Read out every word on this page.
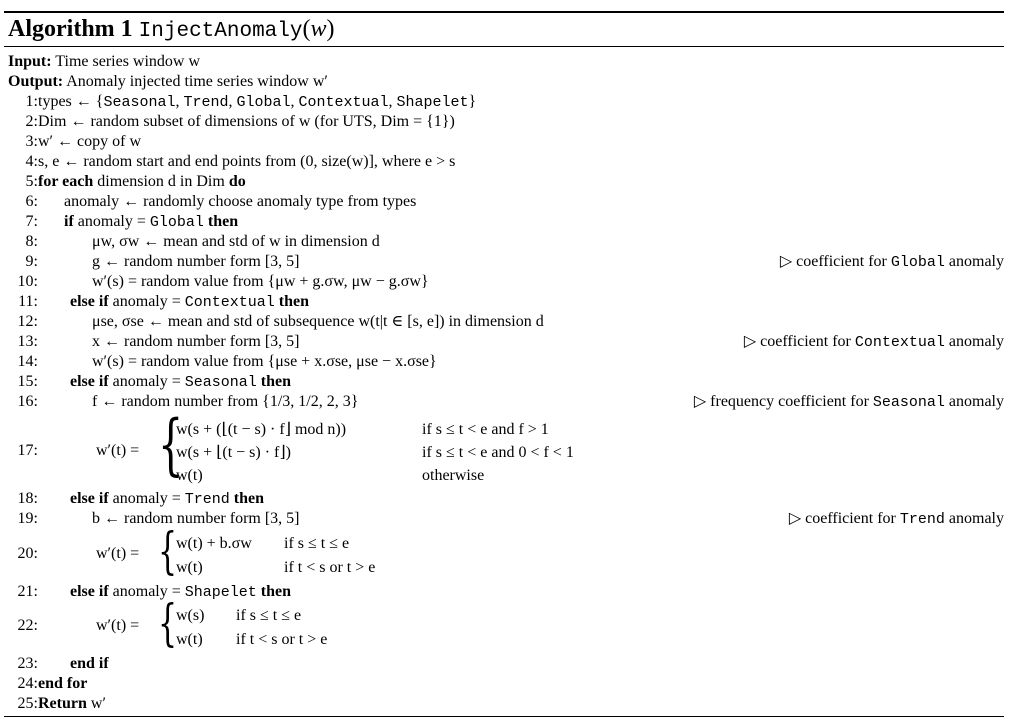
Algorithm 1 InjectAnomaly(w)
Input: Time series window w
Output: Anomaly injected time series window w′
1: types ← {Seasonal, Trend, Global, Contextual, Shapelet}
2: Dim ← random subset of dimensions of w (for UTS, Dim = {1})
3: w′ ← copy of w
4: s, e ← random start and end points from (0, size(w)], where e > s
5: for each dimension d in Dim do
6: anomaly ← randomly choose anomaly type from types
7: if anomaly = Global then
8:	μw, σw ← mean and std of w in dimension d
9:	g ← random number form [3, 5]	▷ coefficient for Global anomaly
10:	w′(s) = random value from {μw + g.σw, μw − g.σw}
11: else if anomaly = Contextual then
12:	μse, σse ← mean and std of subsequence w(t|t ∈ [s, e]) in dimension d
13:	x ← random number form [3, 5]	▷ coefficient for Contextual anomaly
14:	w′(s) = random value from {μse + x.σse, μse − x.σse}
15: else if anomaly = Seasonal then
16:	f ← random number from {1/3, 1/2, 2, 3}	▷ frequency coefficient for Seasonal anomaly
18: else if anomaly = Trend then
19:	b ← random number form [3, 5]	▷ coefficient for Trend anomaly
21: else if anomaly = Shapelet then
23: end if
24: end for
25: Return w′
17:	w′(t) = {
w(s + (⌊(t − s) · f⌋ mod n))	if s ≤ t < e and f > 1
w(s + ⌊(t − s) · f⌋)	if s ≤ t < e and 0 < f < 1
w(t)	otherwise
20:	w′(t) = {
w(t) + b.σw if s ≤ t ≤ e
w(t)	if t < s or t > e
22:	w′(t) = {
w(s) if s ≤ t ≤ e
w(t) if t < s or t > e
